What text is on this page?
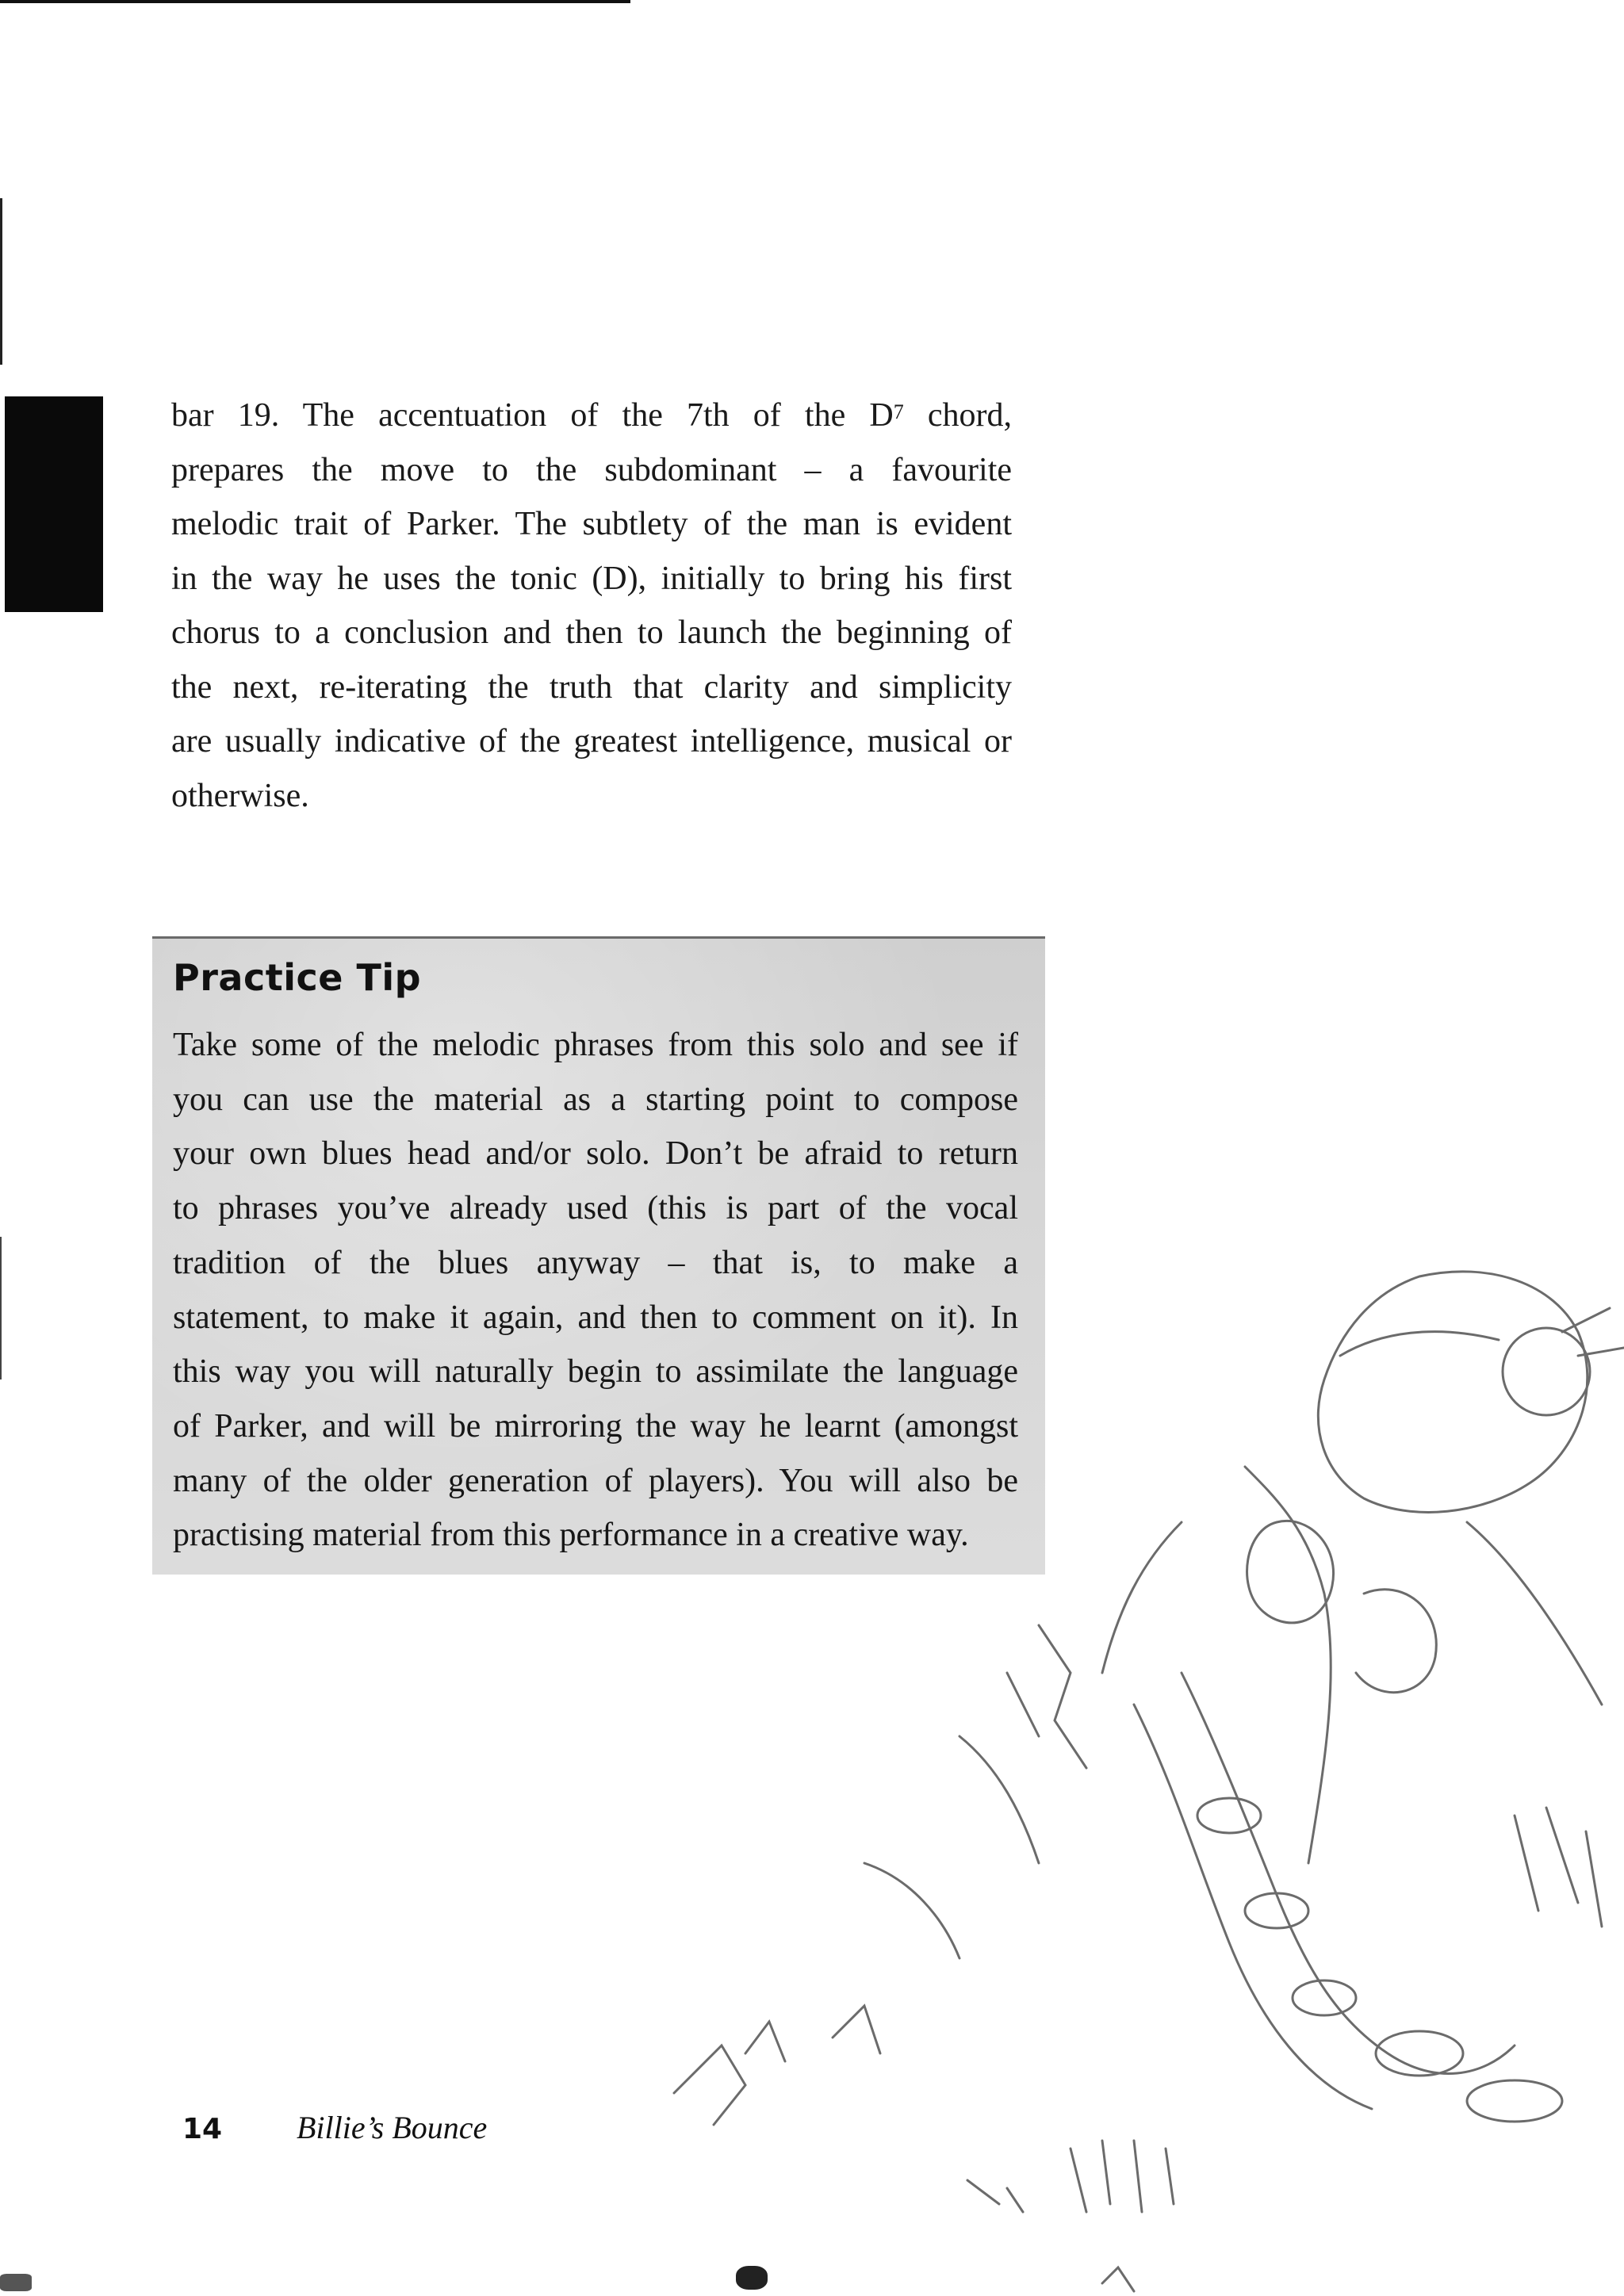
bar 19. The accentuation of the 7th of the $D^7$ chord,
prepares the move to the subdominant – a favourite
melodic trait of Parker. The subtlety of the man is evident
in the way he uses the tonic (D), initially to bring his first
chorus to a conclusion and then to launch the beginning of
the next, re-iterating the truth that clarity and simplicity
are usually indicative of the greatest intelligence, musical or
otherwise.
Practice Tip
Take some of the melodic phrases from this solo and see if
you can use the material as a starting point to compose
your own blues head and/or solo. Don’t be afraid to return
to phrases you’ve already used (this is part of the vocal
tradition of the blues anyway – that is, to make a
statement, to make it again, and then to comment on it). In
this way you will naturally begin to assimilate the language
of Parker, and will be mirroring the way he learnt (amongst
many of the older generation of players). You will also be
practising material from this performance in a creative way.
14 Billie’s Bounce
